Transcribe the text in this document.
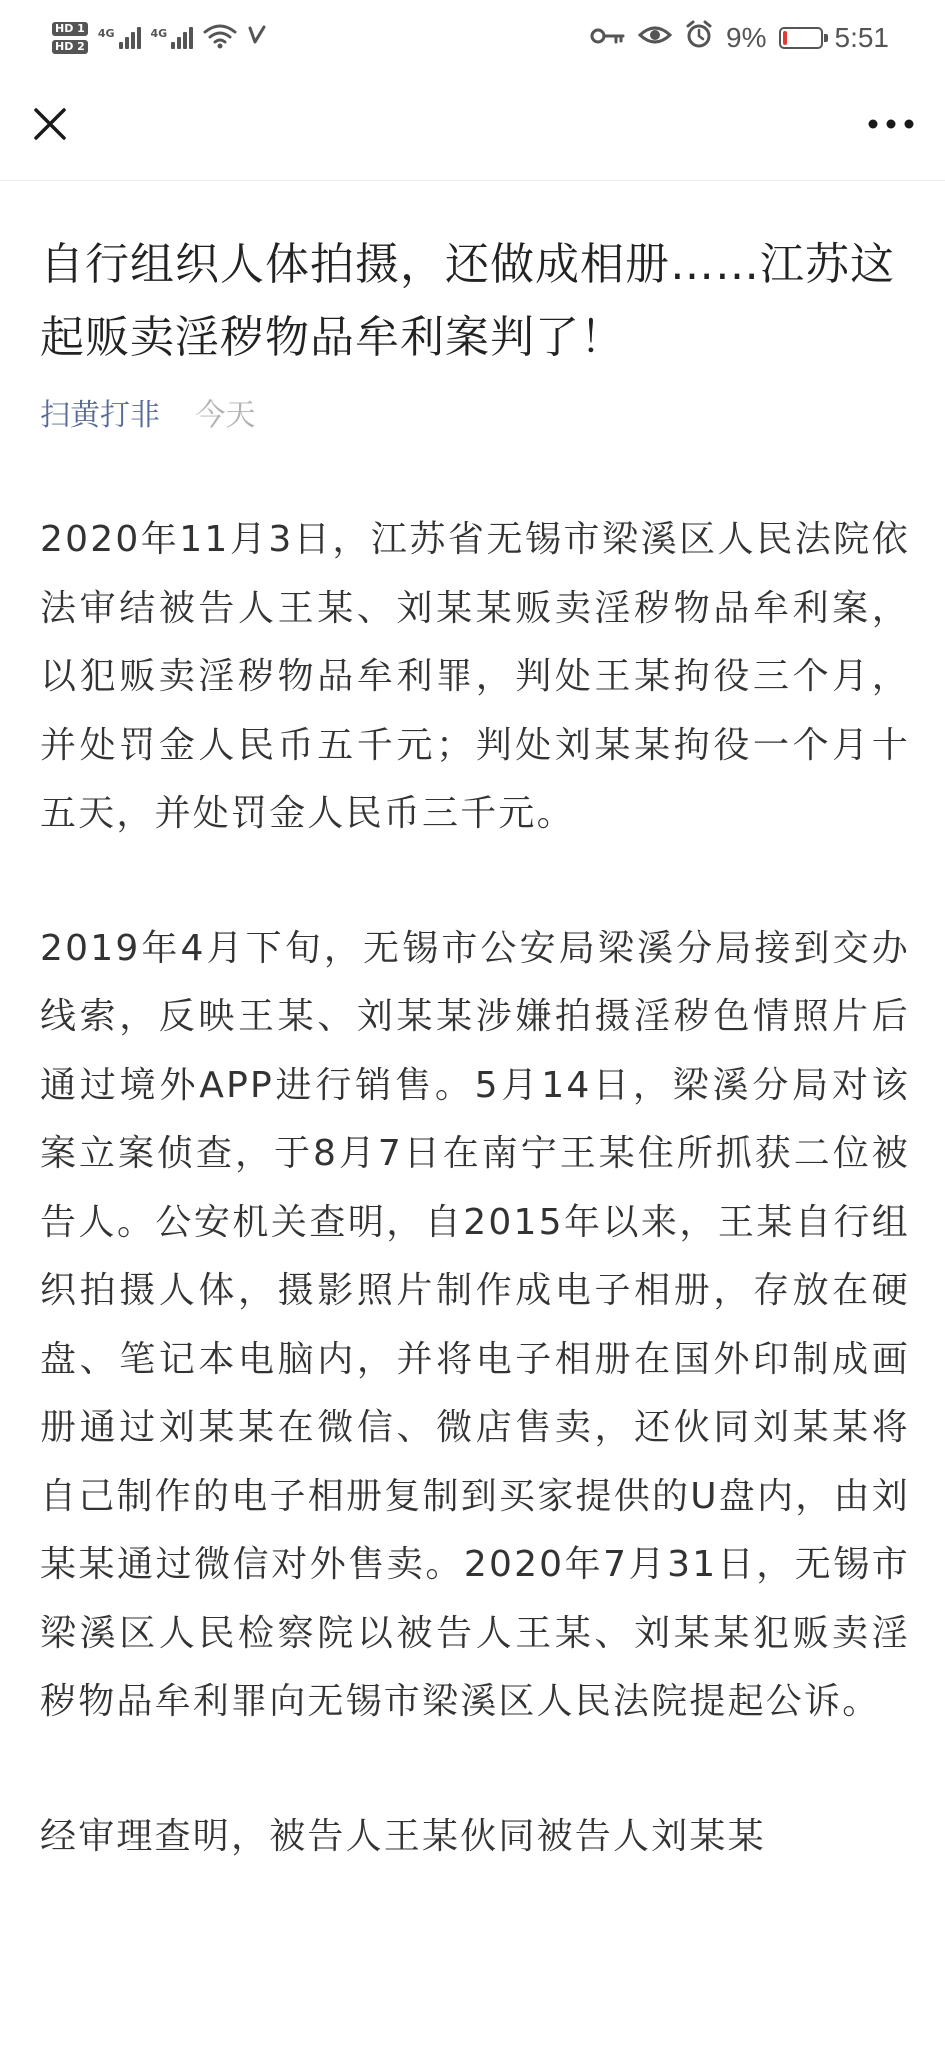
HD 1
HD 2
4G	4G	9% 5:51
自行组织人体拍摄，还做成相册……江苏这起贩卖淫秽物品牟利案判了！
扫黄打非 今天

2020年11月3日，江苏省无锡市梁溪区人民法院依法审结被告人王某、刘某某贩卖淫秽物品牟利案，以犯贩卖淫秽物品牟利罪，判处王某拘役三个月，并处罚金人民币五千元；判处刘某某拘役一个月十五天，并处罚金人民币三千元。

2019年4月下旬，无锡市公安局梁溪分局接到交办线索，反映王某、刘某某涉嫌拍摄淫秽色情照片后通过境外APP进行销售。5月14日，梁溪分局对该案立案侦查，于8月7日在南宁王某住所抓获二位被告人。公安机关查明，自2015年以来，王某自行组织拍摄人体，摄影照片制作成电子相册，存放在硬盘、笔记本电脑内，并将电子相册在国外印制成画册通过刘某某在微信、微店售卖，还伙同刘某某将自己制作的电子相册复制到买家提供的U盘内，由刘某某通过微信对外售卖。2020年7月31日，无锡市梁溪区人民检察院以被告人王某、刘某某犯贩卖淫秽物品牟利罪向无锡市梁溪区人民法院提起公诉。

经审理查明，被告人王某伙同被告人刘某某
